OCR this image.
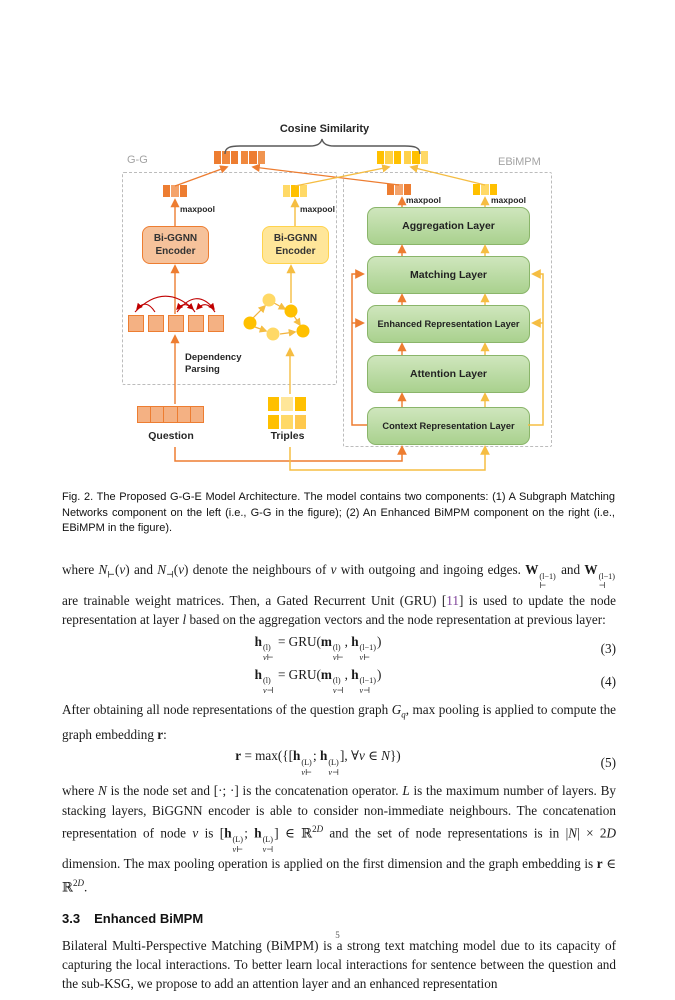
G-G	EBiMPM
Cosine Similarity
maxpool	maxpool
maxpool	maxpool
Bi-GGNN
Encoder
Bi-GGNN
Encoder
Dependency
Parsing
Question	Triples
Aggregation Layer
Matching Layer
Enhanced Representation Layer
Attention Layer
Context Representation Layer
Fig. 2. The Proposed G-G-E Model Architecture. The model contains two components: (1) A Subgraph Matching Networks component on the left (i.e., G-G in the figure); (2) An Enhanced BiMPM component on the right (i.e., EBiMPM in the figure).

where $N_⊢(v)$ and $N_⊣(v)$ denote the neighbours of v with outgoing and ingoing edges. W (l−1)
⊢
and W (l−1)
⊣
are trainable weight matrices. Then, a Gated Recurrent Unit (GRU) [11] is used to update the node representation at layer l based on the aggregation vectors and the node representation at previous layer:

h (l)
v⊢
= GRU(m (l)
v⊢
, h (l−1)
v⊢
)	(3)
h (l)
v⊣
= GRU(m (l)
v⊣
, h (l−1)
v⊣
)	(4)

After obtaining all node representations of the question graph $G_q$, max pooling is applied to compute the graph embedding r:

r = max({[h (L)
v⊢
; h (L)
v⊣
], ∀v ∈ N})	(5)

where N is the node set and [·; ·] is the concatenation operator. L is the maximum number of layers. By stacking layers, BiGGNN encoder is able to consider non-immediate neighbours. The concatenation representation of node v is [h (L)
v⊢
; h (L)
v⊣
] ∈ ℝ$^{2D}$ and the set of node representations is in |N| × 2D dimension. The max pooling operation is applied on the first dimension and the graph embedding is r ∈ ℝ$^{2D}$.

3.3 Enhanced BiMPM

Bilateral Multi-Perspective Matching (BiMPM) is a strong text matching model due to its capacity of capturing the local interactions. To better learn local interactions for sentence between the question and the sub-KSG, we propose to add an attention layer and an enhanced representation

5
